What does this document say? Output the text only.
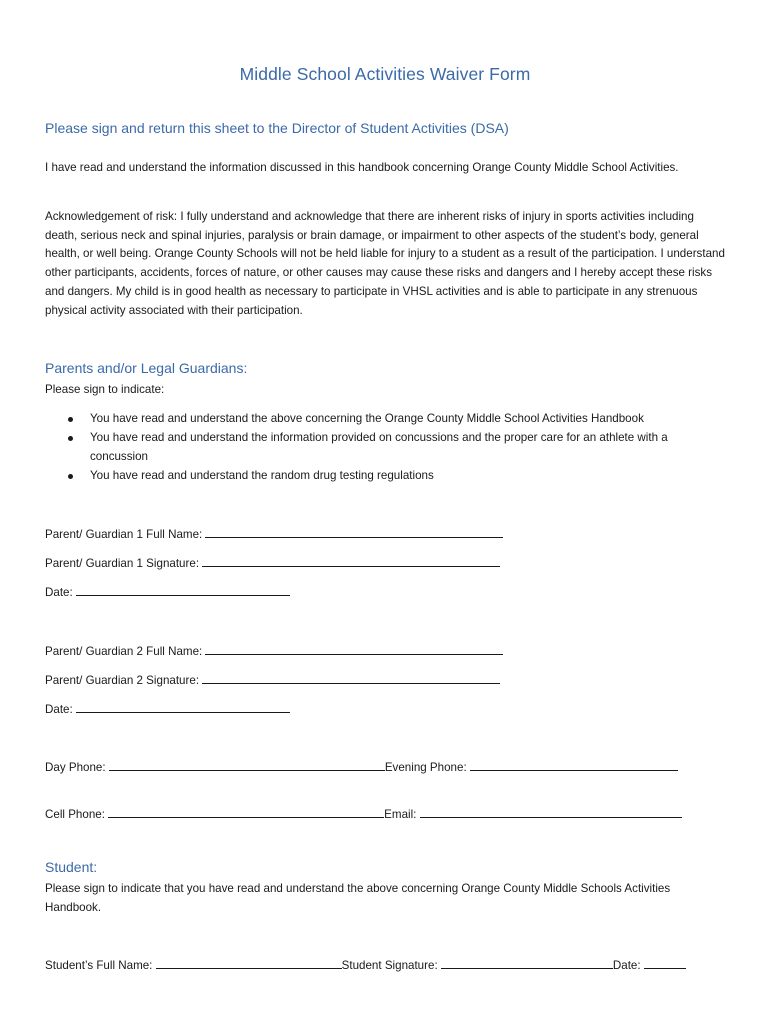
Middle School Activities Waiver Form
Please sign and return this sheet to the Director of Student Activities (DSA)
I have read and understand the information discussed in this handbook concerning Orange County Middle School Activities.
Acknowledgement of risk: I fully understand and acknowledge that there are inherent risks of injury in sports activities including death, serious neck and spinal injuries, paralysis or brain damage, or impairment to other aspects of the student’s body, general health, or well being. Orange County Schools will not be held liable for injury to a student as a result of the participation. I understand other participants, accidents, forces of nature, or other causes may cause these risks and dangers and I hereby accept these risks and dangers. My child is in good health as necessary to participate in VHSL activities and is able to participate in any strenuous physical activity associated with their participation.
Parents and/or Legal Guardians:
Please sign to indicate:
You have read and understand the above concerning the Orange County Middle School Activities Handbook
You have read and understand the information provided on concussions and the proper care for an athlete with a concussion
You have read and understand the random drug testing regulations
Parent/ Guardian 1 Full Name:
Parent/ Guardian 1 Signature:
Date:
Parent/ Guardian 2 Full Name:
Parent/ Guardian 2 Signature:
Date:
Day Phone:	Evening Phone:
Cell Phone:	Email:
Student:
Please sign to indicate that you have read and understand the above concerning Orange County Middle Schools Activities Handbook.
Student’s Full Name:	Student Signature:	Date:
